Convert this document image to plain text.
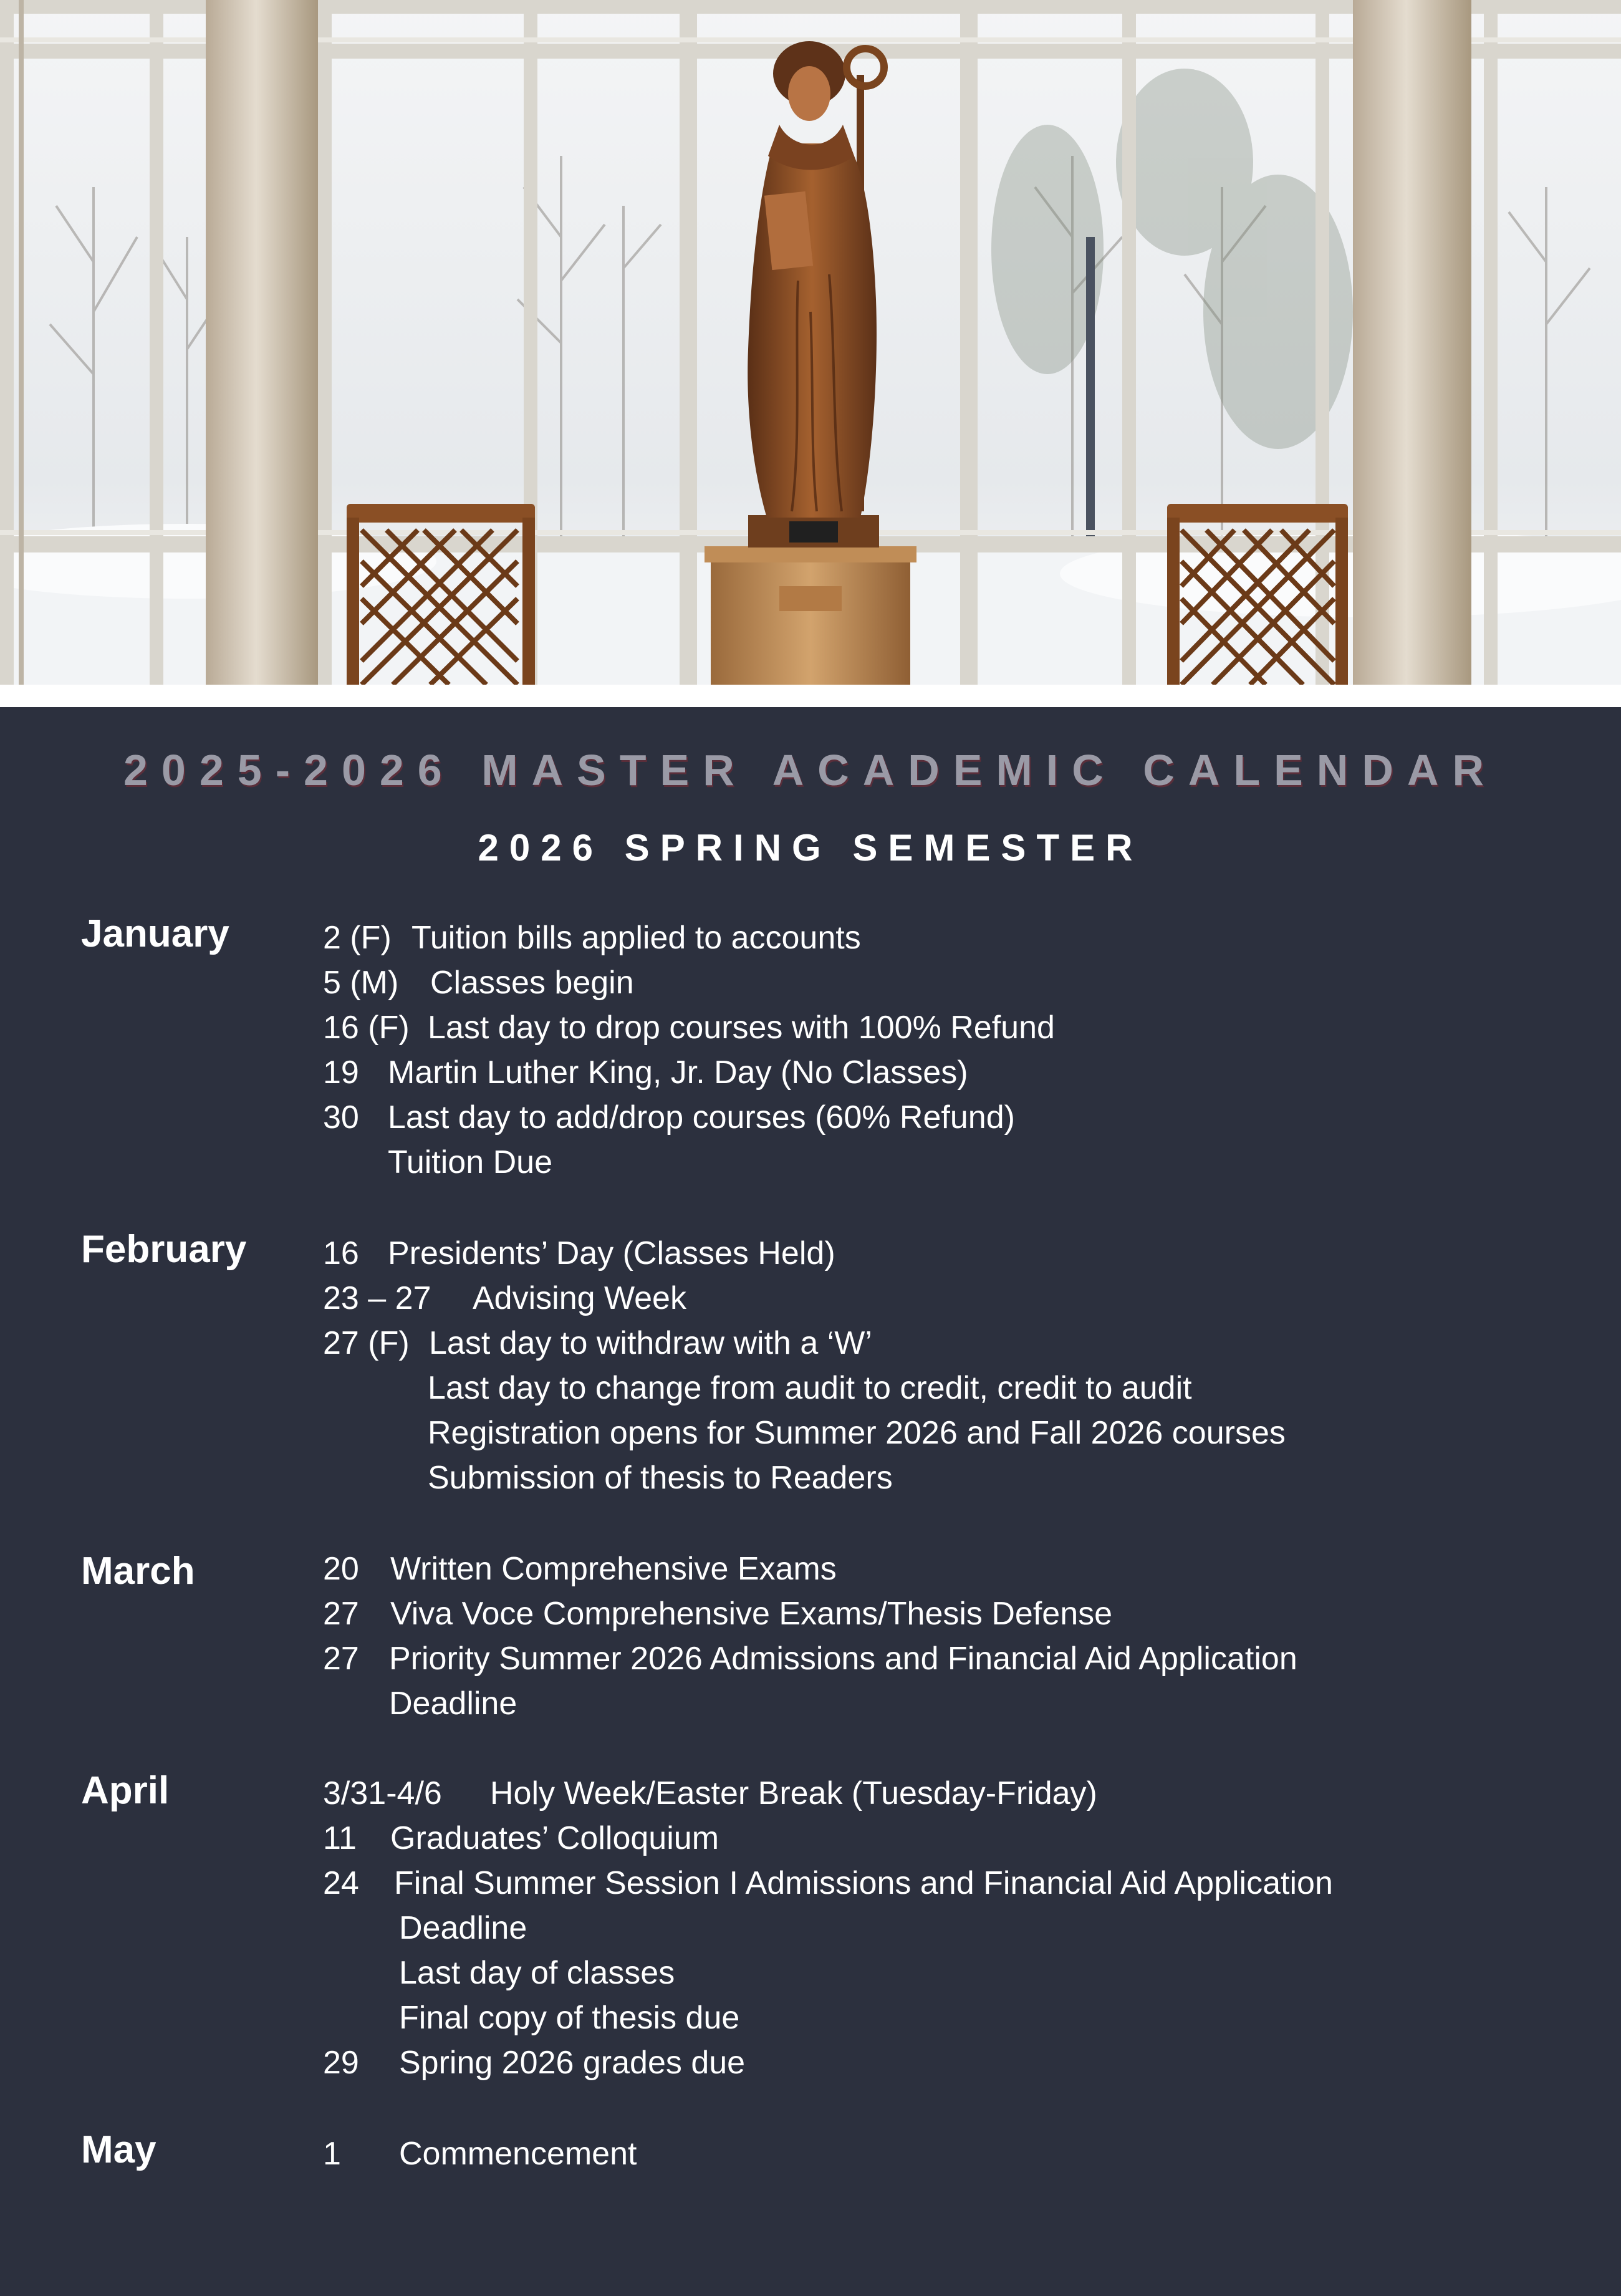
2025-2026 MASTER ACADEMIC CALENDAR
2026 SPRING SEMESTER
January	2 (F) Tuition bills applied to accounts
5 (M) Classes begin
16 (F) Last day to drop courses with 100% Refund
19 Martin Luther King, Jr. Day (No Classes)
30 Last day to add/drop courses (60% Refund)
Tuition Due
February 16 Presidents’ Day (Classes Held)
23 – 27 Advising Week
27 (F) Last day to withdraw with a ‘W’
Last day to change from audit to credit, credit to audit
Registration opens for Summer 2026 and Fall 2026 courses
Submission of thesis to Readers
March	20 Written Comprehensive Exams
27 Viva Voce Comprehensive Exams/Thesis Defense
27 Priority Summer 2026 Admissions and Financial Aid Application
Deadline
April	3/31-4/6 Holy Week/Easter Break (Tuesday-Friday)
11 Graduates’ Colloquium
24 Final Summer Session I Admissions and Financial Aid Application
Deadline
Last day of classes
Final copy of thesis due
29 Spring 2026 grades due
May	1 Commencement
